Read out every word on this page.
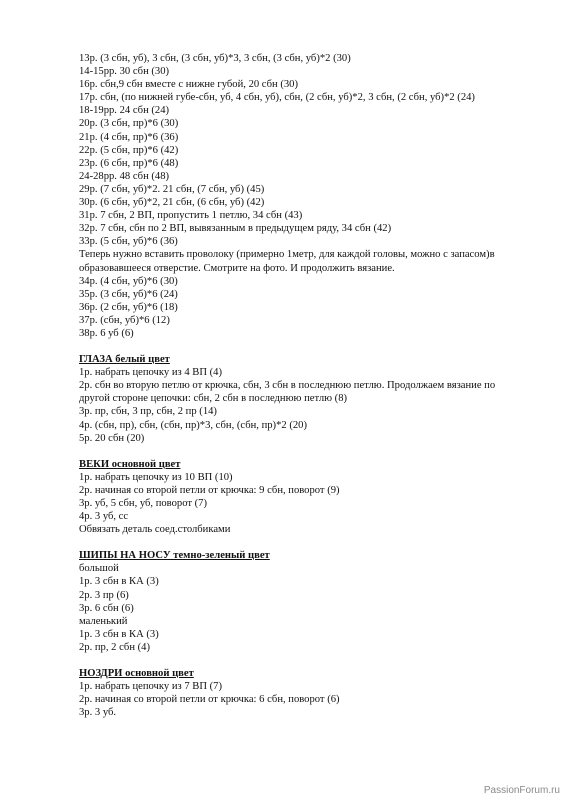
13р. (3 сбн, уб), 3 сбн, (3 сбн, уб)*3, 3 сбн, (3 сбн, уб)*2 (30)
14-15рр. 30 сбн (30)
16р. сбн,9 сбн вместе с нижне губой, 20 сбн (30)
17р. сбн, (по нижней губе-сбн, уб, 4 сбн, уб), сбн, (2 сбн, уб)*2, 3 сбн, (2 сбн, уб)*2 (24)
18-19рр. 24 сбн (24)
20р. (3 сбн, пр)*6 (30)
21р. (4 сбн, пр)*6 (36)
22р. (5 сбн, пр)*6 (42)
23р. (6 сбн, пр)*6 (48)
24-28рр. 48 сбн (48)
29р. (7 сбн, уб)*2. 21 сбн, (7 сбн, уб) (45)
30р. (6 сбн, уб)*2, 21 сбн, (6 сбн, уб) (42)
31р. 7 сбн, 2 ВП, пропустить 1 петлю, 34 сбн (43)
32р. 7 сбн, сбн по 2 ВП, вывязанным в предыдущем ряду, 34 сбн (42)
33р. (5 сбн, уб)*6 (36)
Теперь нужно вставить проволоку (примерно 1метр, для каждой головы, можно с запасом)в образовавшееся отверстие. Смотрите на фото. И продолжить вязание.
34р. (4 сбн, уб)*6 (30)
35р. (3 сбн, уб)*6 (24)
36р. (2 сбн, уб)*6 (18)
37р. (сбн, уб)*6 (12)
38р. 6 уб (6)
ГЛАЗА белый цвет
1р. набрать цепочку из 4 ВП (4)
2р. сбн во вторую петлю от крючка, сбн, 3 сбн в последнюю петлю. Продолжаем вязание по другой стороне цепочки: сбн, 2 сбн в последнюю петлю (8)
3р. пр, сбн, 3 пр, сбн, 2 пр (14)
4р. (сбн, пр), сбн, (сбн, пр)*3, сбн, (сбн, пр)*2 (20)
5р. 20 сбн (20)
ВЕКИ основной цвет
1р. набрать цепочку из 10 ВП (10)
2р. начиная со второй петли от крючка: 9 сбн, поворот (9)
3р. уб, 5 сбн, уб, поворот (7)
4р. 3 уб, сс
Обвязать деталь соед.столбиками
ШИПЫ НА НОСУ темно-зеленый цвет
большой
1р. 3 сбн в КА (3)
2р. 3 пр (6)
3р. 6 сбн (6)
маленький
1р. 3 сбн в КА (3)
2р. пр, 2 сбн (4)
НОЗДРИ основной цвет
1р. набрать цепочку из 7 ВП (7)
2р. начиная со второй петли от крючка: 6 сбн, поворот (6)
3р. 3 уб.
PassionForum.ru
